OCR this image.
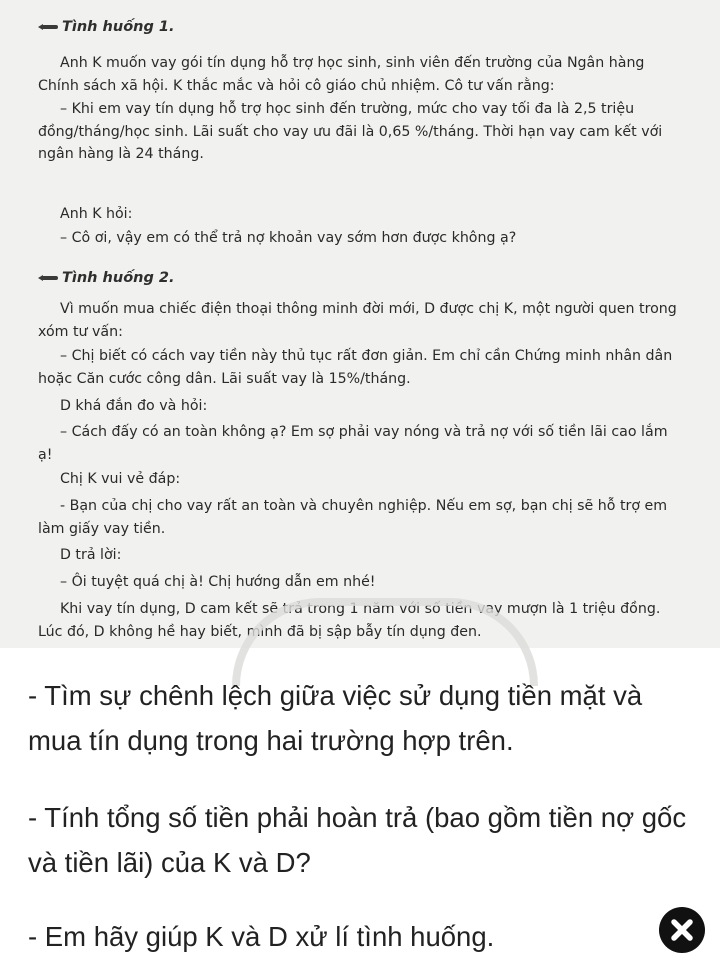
Tình huống 1.

Anh K muốn vay gói tín dụng hỗ trợ học sinh, sinh viên đến trường của Ngân hàng Chính sách xã hội. K thắc mắc và hỏi cô giáo chủ nhiệm. Cô tư vấn rằng:

– Khi em vay tín dụng hỗ trợ học sinh đến trường, mức cho vay tối đa là 2,5 triệu đồng/tháng/học sinh. Lãi suất cho vay ưu đãi là 0,65 %/tháng. Thời hạn vay cam kết với ngân hàng là 24 tháng.

Anh K hỏi:

– Cô ơi, vậy em có thể trả nợ khoản vay sớm hơn được không ạ?

Tình huống 2.

Vì muốn mua chiếc điện thoại thông minh đời mới, D được chị K, một người quen trong xóm tư vấn:

– Chị biết có cách vay tiền này thủ tục rất đơn giản. Em chỉ cần Chứng minh nhân dân hoặc Căn cước công dân. Lãi suất vay là 15%/tháng.

D khá đắn đo và hỏi:

– Cách đấy có an toàn không ạ? Em sợ phải vay nóng và trả nợ với số tiền lãi cao lắm ạ!

Chị K vui vẻ đáp:

- Bạn của chị cho vay rất an toàn và chuyên nghiệp. Nếu em sợ, bạn chị sẽ hỗ trợ em làm giấy vay tiền.

D trả lời:

– Ôi tuyệt quá chị à! Chị hướng dẫn em nhé!

Khi vay tín dụng, D cam kết sẽ trả trong 1 năm với số tiền vay mượn là 1 triệu đồng. Lúc đó, D không hề hay biết, mình đã bị sập bẫy tín dụng đen.

- Tìm sự chênh lệch giữa việc sử dụng tiền mặt và mua tín dụng trong hai trường hợp trên.

- Tính tổng số tiền phải hoàn trả (bao gồm tiền nợ gốc và tiền lãi) của K và D?

- Em hãy giúp K và D xử lí tình huống.
